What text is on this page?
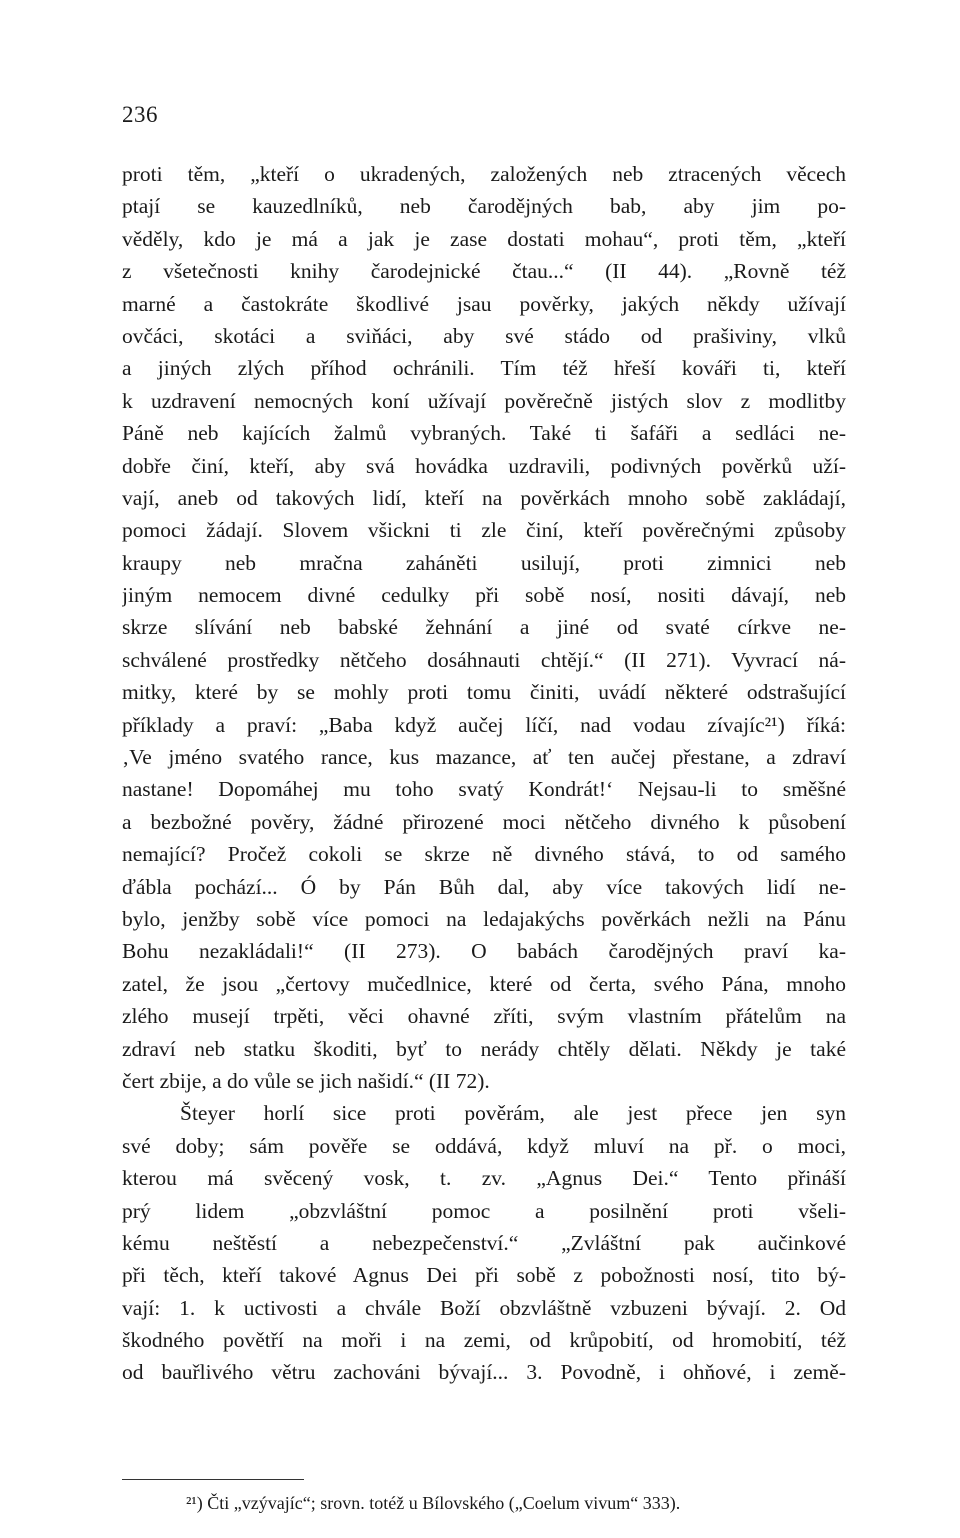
236
proti těm, „kteří o ukradených, založených neb ztracených věcech
ptají se kauzedlníků, neb čarodějných bab, aby jim po-
věděly, kdo je má a jak je zase dostati mohau“, proti těm, „kteří
z všetečnosti knihy čarodejnické čtau...“ (II 44). „Rovně též
marné a častokráte škodlivé jsau pověrky, jakých někdy užívají
ovčáci, skotáci a sviňáci, aby své stádo od prašiviny, vlků
a jiných zlých příhod ochránili. Tím též hřeší kováři ti, kteří
k uzdravení nemocných koní užívají pověrečně jistých slov z modlitby
Páně neb kajících žalmů vybraných. Také ti šafáři a sedláci ne-
dobře činí, kteří, aby svá hovádka uzdravili, podivných pověrků uží-
vají, aneb od takových lidí, kteří na pověrkách mnoho sobě zakládají,
pomoci žádají. Slovem všickni ti zle činí, kteří pověrečnými způsoby
kraupy neb mračna zaháněti usilují, proti zimnici neb
jiným nemocem divné cedulky při sobě nosí, nositi dávají, neb
skrze slívání neb babské žehnání a jiné od svaté církve ne-
schválené prostředky nětčeho dosáhnauti chtějí.“ (II 271). Vyvrací ná-
mitky, které by se mohly proti tomu činiti, uvádí některé odstrašující
příklady a praví: „Baba když aučej líčí, nad vodau zívajíc²¹) říká:
‚Ve jméno svatého rance, kus mazance, ať ten aučej přestane, a zdraví
nastane! Dopomáhej mu toho svatý Kondrát!‘ Nejsau-li to směšné
a bezbožné pověry, žádné přirozené moci nětčeho divného k působení
nemající? Pročež cokoli se skrze ně divného stává, to od samého
ďábla pochází... Ó by Pán Bůh dal, aby více takových lidí ne-
bylo, jenžby sobě více pomoci na ledajakýchs pověrkách nežli na Pánu
Bohu nezakládali!“ (II 273). O babách čarodějných praví ka-
zatel, že jsou „čertovy mučedlnice, které od čerta, svého Pána, mnoho
zlého musejí trpěti, věci ohavné zříti, svým vlastním přátelům na
zdraví neb statku škoditi, byť to nerády chtěly dělati. Někdy je také
čert zbije, a do vůle se jich našidí.“ (II 72).
Šteyer horlí sice proti pověrám, ale jest přece jen syn
své doby; sám pověře se oddává, když mluví na př. o moci,
kterou má svěcený vosk, t. zv. „Agnus Dei.“ Tento přináší
prý lidem „obzvláštní pomoc a posilnění proti všeli-
kému neštěstí a nebezpečenství.“ „Zvláštní pak aučinkové
při těch, kteří takové Agnus Dei při sobě z pobožnosti nosí, tito bý-
vají: 1. k uctivosti a chvále Boží obzvláštně vzbuzeni bývají. 2. Od
škodného povětří na moři i na zemi, od krůpobití, od hromobití, též
od bauřlivého větru zachováni bývají... 3. Povodně, i ohňové, i země-
²¹) Čti „vzývajíc“; srovn. totéž u Bílovského („Coelum vivum“ 333).
